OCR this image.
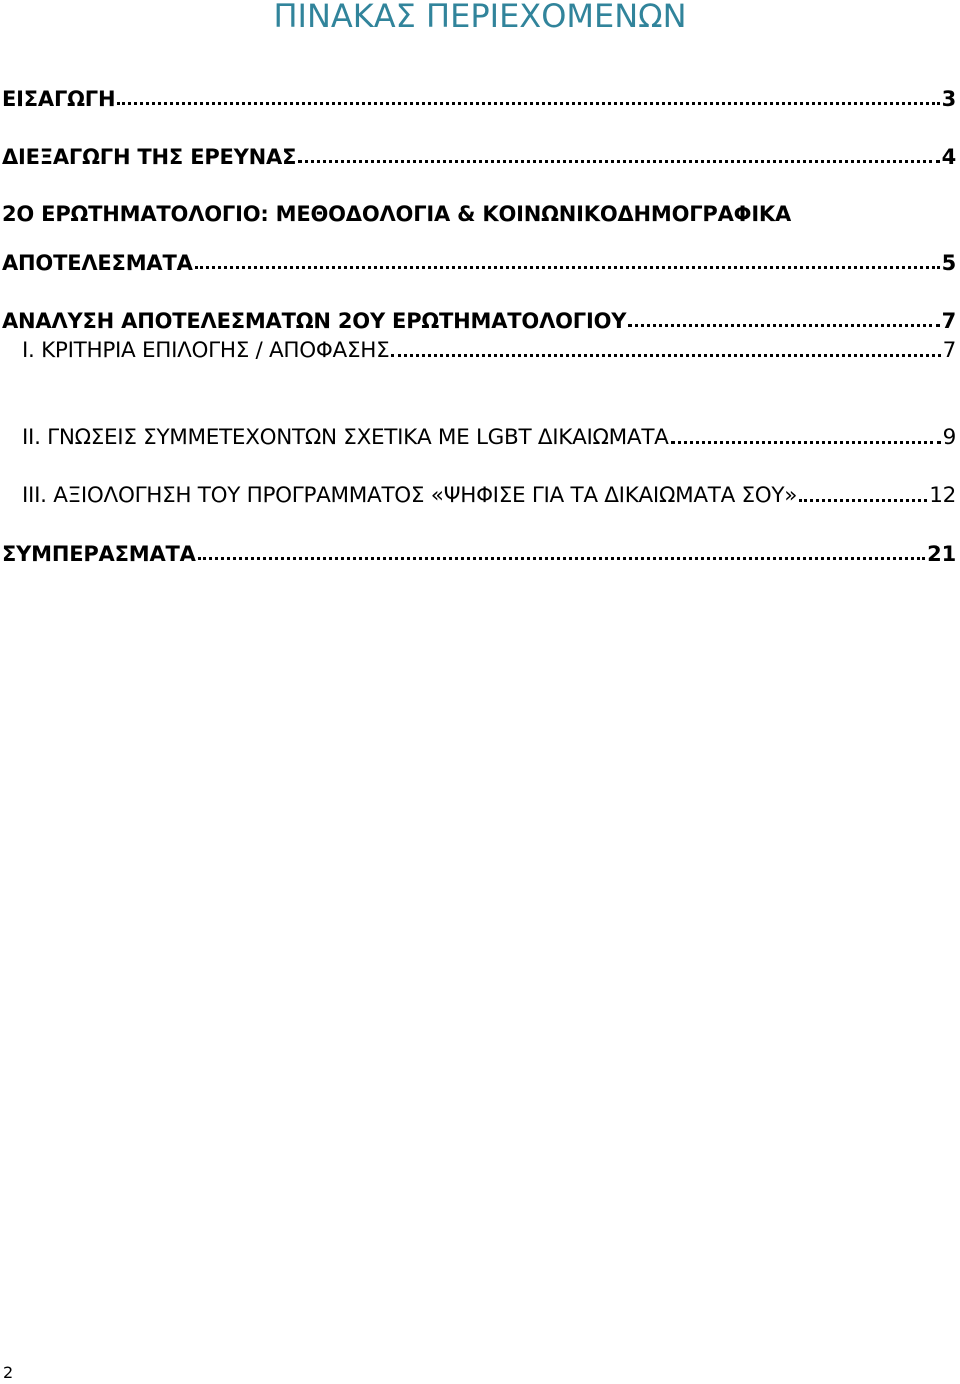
ΠΙΝΑΚΑΣ ΠΕΡΙΕΧΟΜΕΝΩΝ
ΕΙΣΑΓΩΓΗ	3
ΔΙΕΞΑΓΩΓΗ ΤΗΣ ΕΡΕΥΝΑΣ	4
2Ο ΕΡΩΤΗΜΑΤΟΛΟΓΙΟ: ΜΕΘΟΔΟΛΟΓΙΑ & ΚΟΙΝΩΝΙΚΟΔΗΜΟΓΡΑΦΙΚΑ
ΑΠΟΤΕΛΕΣΜΑΤΑ	5
ΑΝΑΛΥΣΗ ΑΠΟΤΕΛΕΣΜΑΤΩΝ 2ΟΥ ΕΡΩΤΗΜΑΤΟΛΟΓΙΟΥ	7
I. ΚΡΙΤΗΡΙΑ ΕΠΙΛΟΓΗΣ / ΑΠΟΦΑΣΗΣ	7
II. ΓΝΩΣΕΙΣ ΣΥΜΜΕΤΕΧΟΝΤΩΝ ΣΧΕΤΙΚΑ ΜΕ LGBT ΔΙΚΑΙΩΜΑΤΑ	9
III. ΑΞΙΟΛΟΓΗΣΗ ΤΟΥ ΠΡΟΓΡΑΜΜΑΤΟΣ «ΨΗΦΙΣΕ ΓΙΑ ΤΑ ΔΙΚΑΙΩΜΑΤΑ ΣΟΥ»	12
ΣΥΜΠΕΡΑΣΜΑΤΑ	21
2
